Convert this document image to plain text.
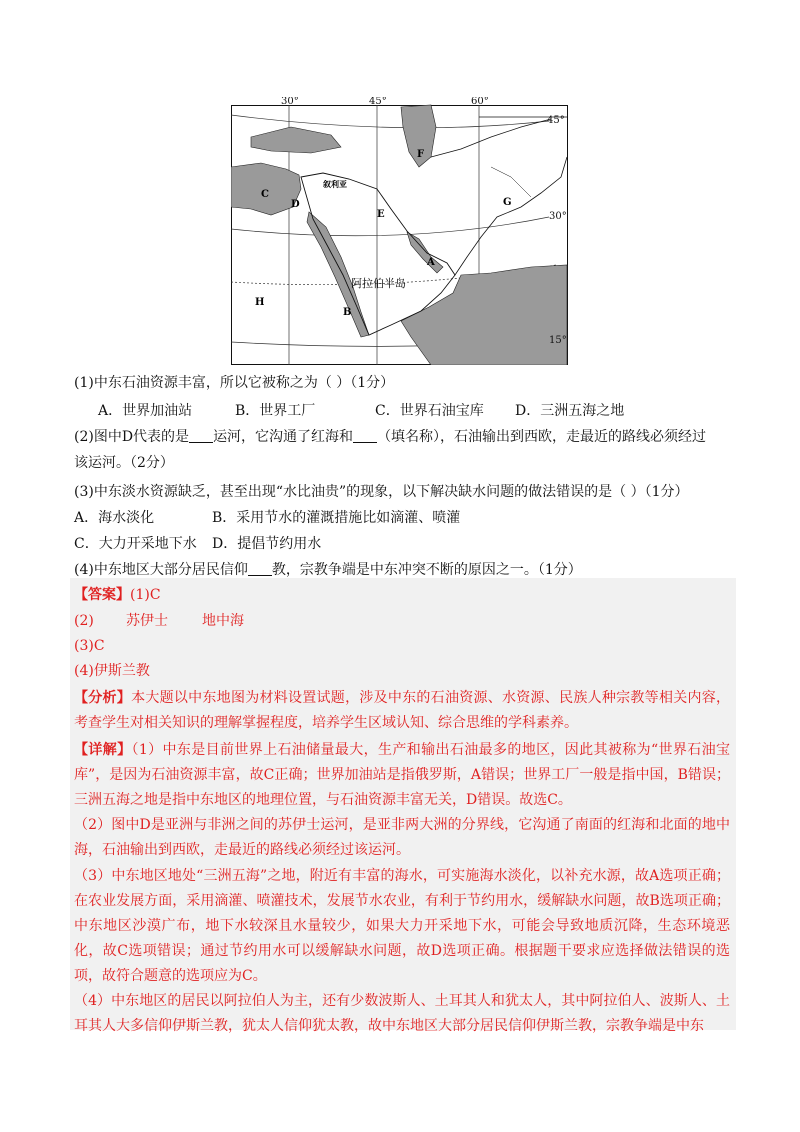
30°	45°	60°
45°
30°
15°
A
B
C
D
E
F
G
H
叙利亚
阿拉伯半岛
(1)中东石油资源丰富，所以它被称之为（ ）（1分）
A．世界加油站	B．世界工厂	C．世界石油宝库 D．三洲五海之地
(2)图中D代表的是 运河，它沟通了红海和 （填名称），石油输出到西欧，走最近的路线必须经过
该运河。（2分）
(3)中东淡水资源缺乏，甚至出现“水比油贵”的现象，以下解决缺水问题的做法错误的是（ ）（1分）
A．海水淡化	B．采用节水的灌溉措施比如滴灌、喷灌
C．大力开采地下水 D．提倡节约用水
(4)中东地区大部分居民信仰 教，宗教争端是中东冲突不断的原因之一。（1分）
【答案】(1)C
(2) 苏伊士 地中海
(3)C
(4)伊斯兰教
【分析】本大题以中东地图为材料设置试题，涉及中东的石油资源、水资源、民族人种宗教等相关内容，考查学生对相关知识的理解掌握程度，培养学生区域认知、综合思维的学科素养。
【详解】（1）中东是目前世界上石油储量最大，生产和输出石油最多的地区，因此其被称为“世界石油宝库”，是因为石油资源丰富，故C正确；世界加油站是指俄罗斯，A错误；世界工厂一般是指中国，B错误；三洲五海之地是指中东地区的地理位置，与石油资源丰富无关，D错误。故选C。
（2）图中D是亚洲与非洲之间的苏伊士运河，是亚非两大洲的分界线，它沟通了南面的红海和北面的地中海，石油输出到西欧，走最近的路线必须经过该运河。
（3）中东地区地处“三洲五海”之地，附近有丰富的海水，可实施海水淡化，以补充水源，故A选项正确；在农业发展方面，采用滴灌、喷灌技术，发展节水农业，有利于节约用水，缓解缺水问题，故B选项正确；中东地区沙漠广布，地下水较深且水量较少，如果大力开采地下水，可能会导致地质沉降，生态环境恶化，故C选项错误；通过节约用水可以缓解缺水问题，故D选项正确。根据题干要求应选择做法错误的选项，故符合题意的选项应为C。
（4）中东地区的居民以阿拉伯人为主，还有少数波斯人、土耳其人和犹太人，其中阿拉伯人、波斯人、土耳其人大多信仰伊斯兰教，犹太人信仰犹太教，故中东地区大部分居民信仰伊斯兰教，宗教争端是中东
